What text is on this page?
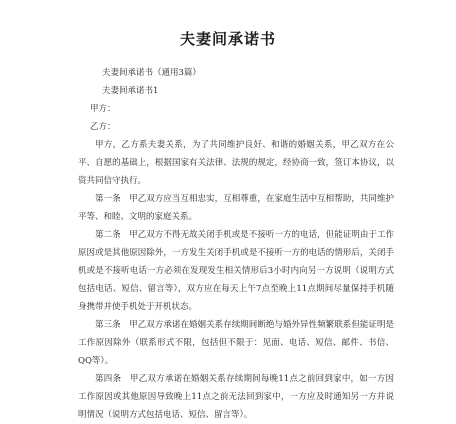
夫妻间承诺书

夫妻间承诺书（通用3篇）

夫妻间承诺书1

甲方：

乙方：

甲方，乙方系夫妻关系，为了共同维护良好、和谐的婚姻关系，甲乙双方在公平、自愿的基础上，根据国家有关法律、法规的规定，经协商一致，签订本协议，以资共同信守执行。

第一条　甲乙双方应当互相忠实，互相尊重，在家庭生活中互相帮助，共同维护平等、和睦、文明的家庭关系。

第二条　甲乙双方不得无故关闭手机或是不接听一方的电话，但能证明由于工作原因或是其他原因除外，一方发生关闭手机或是不接听一方的电话的情形后，关闭手机或是不接听电话一方必须在发现发生相关情形后3小时内向另一方说明（说明方式包括电话、短信、留言等），双方应在每天上午7点至晚上11点期间尽量保持手机随身携带并使手机处于开机状态。

第三条　甲乙双方承诺在婚姻关系存续期间断绝与婚外异性频繁联系但能证明是工作原因除外（联系形式不限，包括但不限于：见面、电话、短信、邮件、书信、QQ等）。

第四条　甲乙双方承诺在婚姻关系存续期间每晚11点之前回到家中，如一方因工作原因或其他原因导致晚上11点之前无法回到家中，一方应及时通知另一方并说明情况（说明方式包括电话、短信、留言等）。
